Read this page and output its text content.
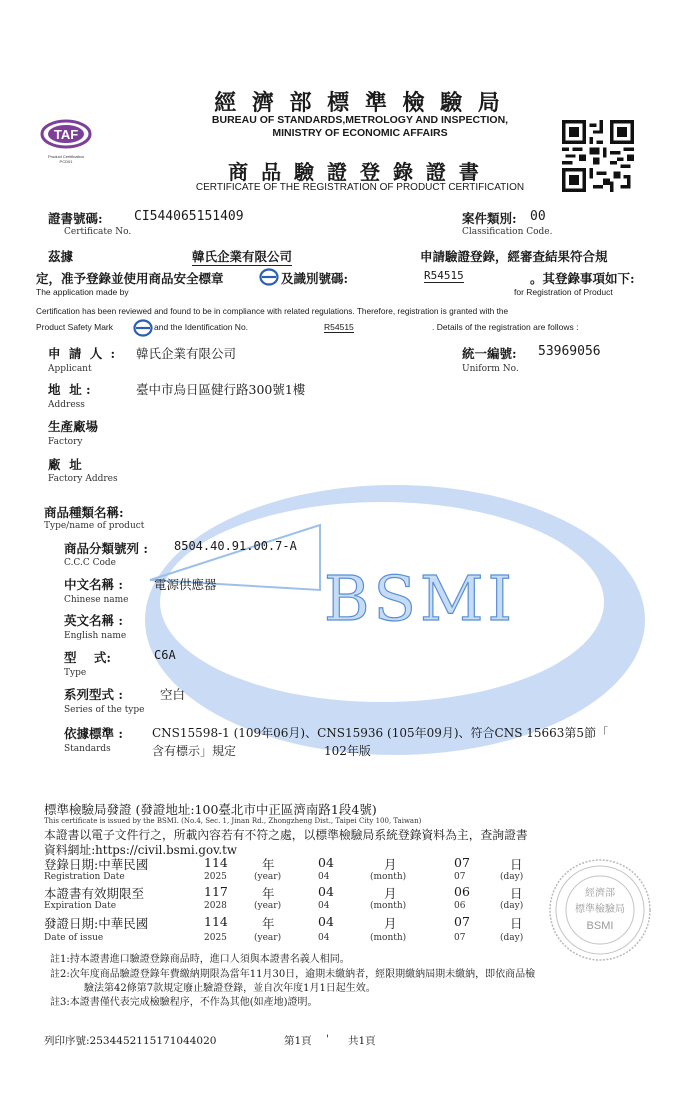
BSMI
TAF
Product Certification
PCD01
經 濟 部 標 準 檢 驗 局
BUREAU OF STANDARDS,METROLOGY AND INSPECTION,
MINISTRY OF ECONOMIC AFFAIRS
商 品 驗 證 登 錄 證 書
CERTIFICATE OF THE REGISTRATION OF PRODUCT CERTIFICATION
證書號碼: CI544065151409
Certificate No.
案件類別: 00
Classification Code.
茲據	韓氏企業有限公司	申請驗證登錄，經審查結果符合規
定，准予登錄並使用商品安全標章	及識別號碼:	R54515	。其登錄事項如下:
The application made by	for Registration of Product
Certification has been reviewed and found to be in compliance with related regulations. Therefore, registration is granted with the
Product Safety Mark	and the Identification No.	R54515	. Details of the registration are follows :
申 請 人 : 韓氏企業有限公司
Applicant
統一編號: 53969056
Uniform No.
地  址 :	臺中市烏日區健行路300號1樓
Address
生產廠場
Factory
廠  址
Factory Addres
商品種類名稱:
Type/name of product
商品分類號列 : 8504.40.91.00.7-A
C.C.C Code
中文名稱 : 電源供應器
Chinese name
英文名稱 :
English name
型    式:	C6A
Type
系列型式 :	空白
Series of the type
依據標準 : CNS15598-1 (109年06月)、CNS15936 (105年09月)、符合CNS 15663第5節「
Standards	含有標示」規定	102年版
標準檢驗局發證 (發證地址:100臺北市中正區濟南路1段4號)
This certificate is issued by the BSMI. (No.4, Sec. 1, Jinan Rd., Zhongzheng Dist., Taipei City 100, Taiwan)
本證書以電子文件行之，所載內容若有不符之處，以標準檢驗局系統登錄資料為主，查詢證書
資料網址:https://civil.bsmi.gov.tw
登錄日期:中華民國	114	年	04	月	07	日
Registration Date	2025	(year)	04	(month)	07	(day)
本證書有效期限至	117	年	04	月	06	日
Expiration Date	2028	(year)	04	(month)	06	(day)
發證日期:中華民國	114	年	04	月	07	日
Date of issue	2025	(year)	04	(month)	07	(day)
經濟部
標準檢驗局
BSMI
註1:持本證書進口驗證登錄商品時，進口人須與本證書名義人相同。
註2:次年度商品驗證登錄年費繳納期限為當年11月30日，逾期未繳納者，經限期繳納屆期未繳納，即依商品檢
驗法第42條第7款規定廢止驗證登錄，並自次年度1月1日起生效。
註3:本證書僅代表完成檢驗程序，不作為其他(如產地)證明。
列印序號:2534452115171044020	第1頁 ' 共1頁
